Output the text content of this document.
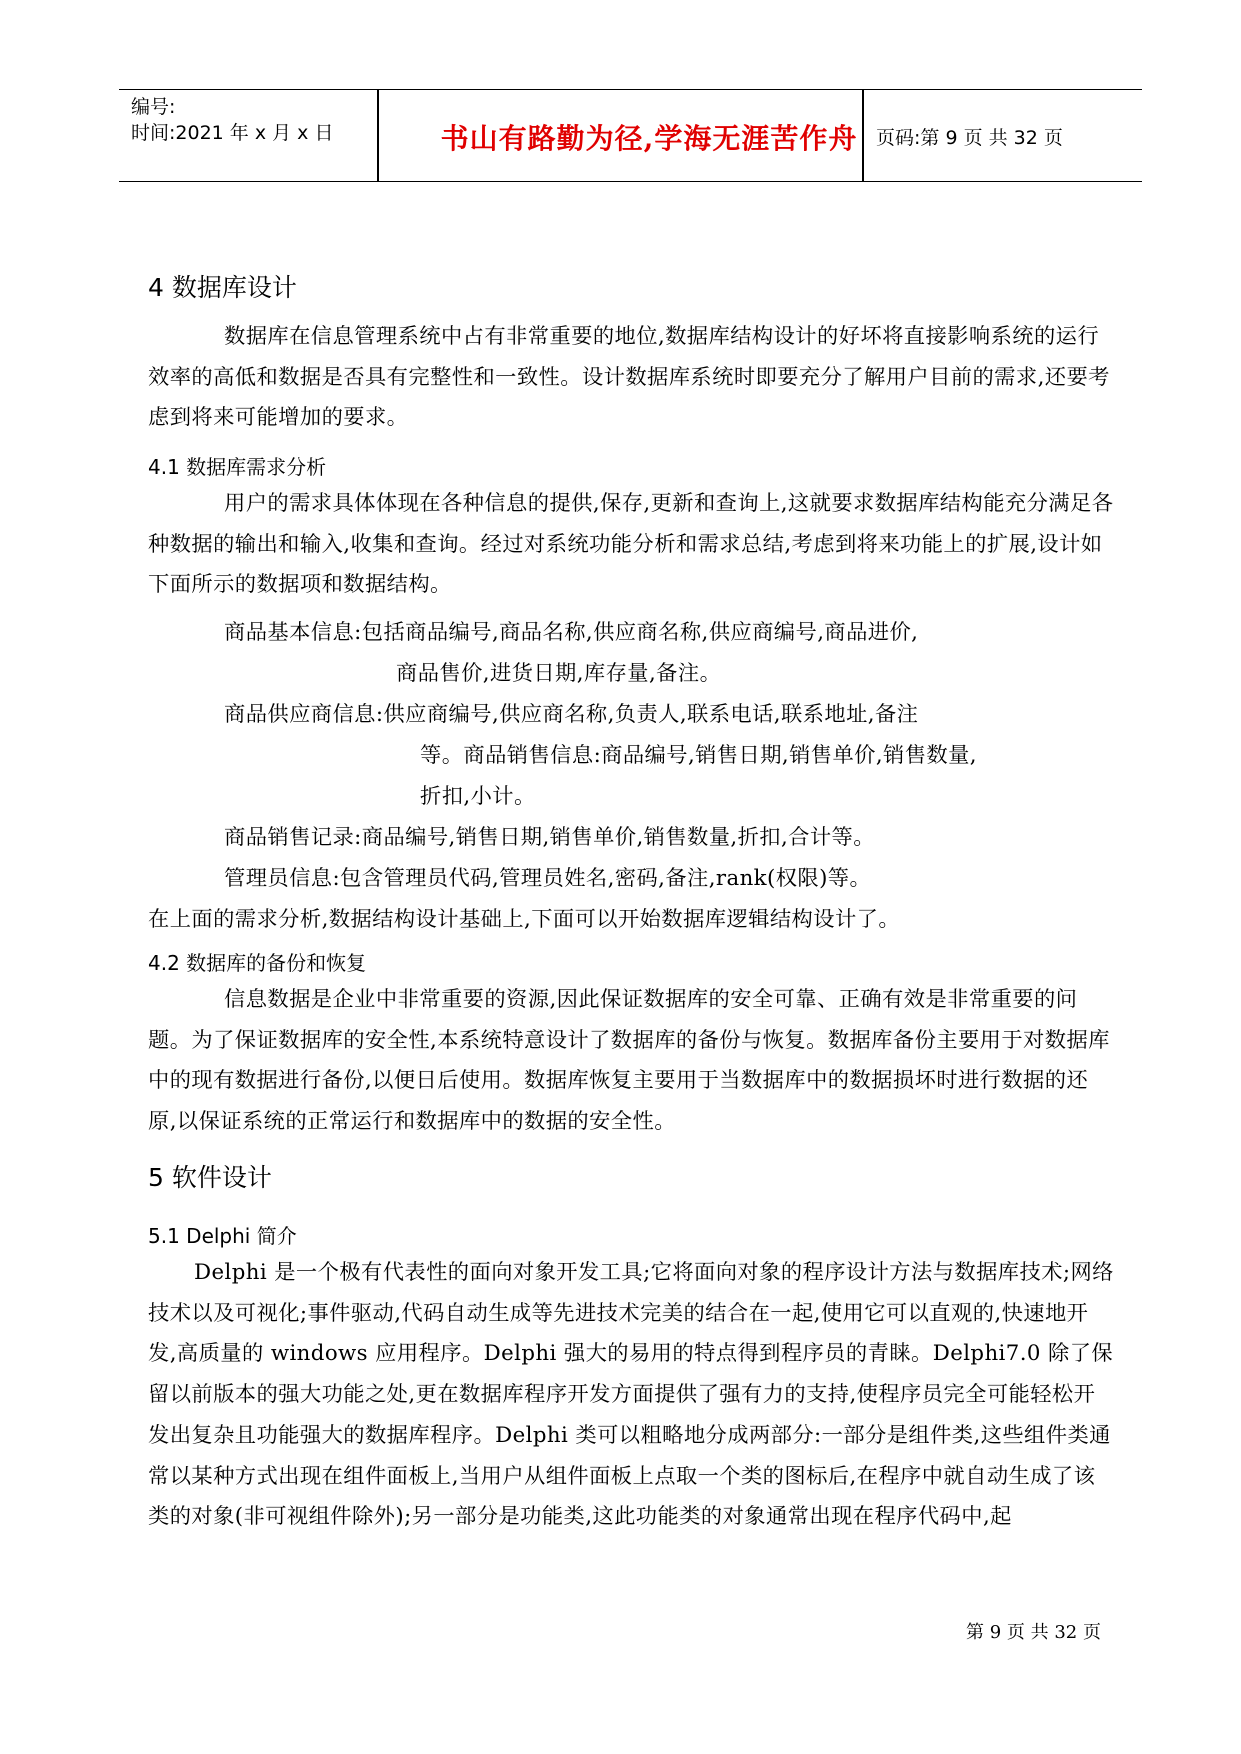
编号:
时间:2021 年 x 月 x 日	书山有路勤为径,学海无涯苦作舟 页码:第 9 页 共 32 页
4 数据库设计
数据库在信息管理系统中占有非常重要的地位,数据库结构设计的好坏将直接影响系统的运行效率的高低和数据是否具有完整性和一致性。设计数据库系统时即要充分了解用户目前的需求,还要考虑到将来可能增加的要求。
4.1 数据库需求分析
用户的需求具体体现在各种信息的提供,保存,更新和查询上,这就要求数据库结构能充分满足各种数据的输出和输入,收集和查询。经过对系统功能分析和需求总结,考虑到将来功能上的扩展,设计如下面所示的数据项和数据结构。
商品基本信息:包括商品编号,商品名称,供应商名称,供应商编号,商品进价,
商品售价,进货日期,库存量,备注。
商品供应商信息:供应商编号,供应商名称,负责人,联系电话,联系地址,备注
等。商品销售信息:商品编号,销售日期,销售单价,销售数量,
折扣,小计。
商品销售记录:商品编号,销售日期,销售单价,销售数量,折扣,合计等。
管理员信息:包含管理员代码,管理员姓名,密码,备注,rank(权限)等。
在上面的需求分析,数据结构设计基础上,下面可以开始数据库逻辑结构设计了。
4.2 数据库的备份和恢复
信息数据是企业中非常重要的资源,因此保证数据库的安全可靠、正确有效是非常重要的问题。为了保证数据库的安全性,本系统特意设计了数据库的备份与恢复。数据库备份主要用于对数据库中的现有数据进行备份,以便日后使用。数据库恢复主要用于当数据库中的数据损坏时进行数据的还原,以保证系统的正常运行和数据库中的数据的安全性。
5 软件设计
5.1 Delphi 简介
Delphi 是一个极有代表性的面向对象开发工具;它将面向对象的程序设计方法与数据库技术;网络技术以及可视化;事件驱动,代码自动生成等先进技术完美的结合在一起,使用它可以直观的,快速地开发,高质量的 windows 应用程序。Delphi 强大的易用的特点得到程序员的青睐。Delphi7.0 除了保留以前版本的强大功能之处,更在数据库程序开发方面提供了强有力的支持,使程序员完全可能轻松开发出复杂且功能强大的数据库程序。Delphi 类可以粗略地分成两部分:一部分是组件类,这些组件类通常以某种方式出现在组件面板上,当用户从组件面板上点取一个类的图标后,在程序中就自动生成了该类的对象(非可视组件除外);另一部分是功能类,这此功能类的对象通常出现在程序代码中,起
第 9 页 共 32 页
